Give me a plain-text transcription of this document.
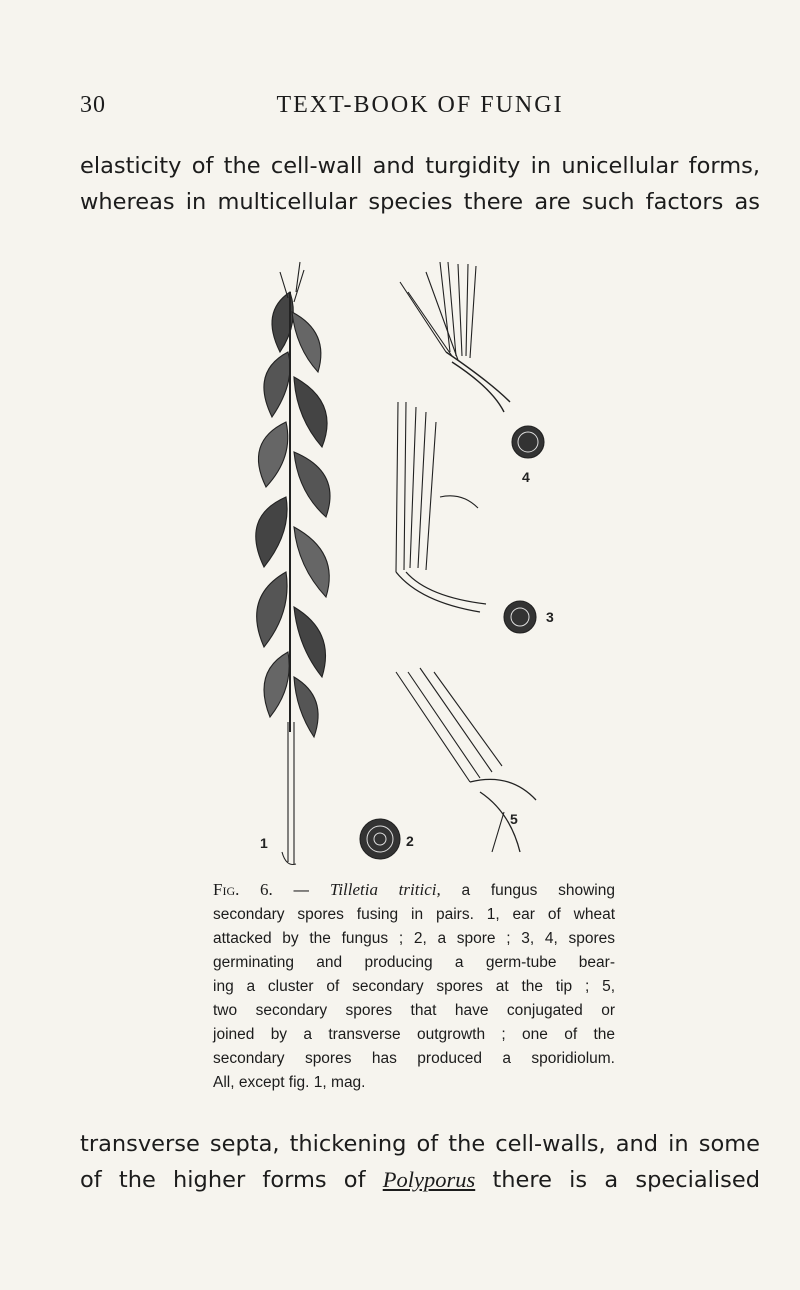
30	TEXT-BOOK OF FUNGI
elasticity of the cell-wall and turgidity in unicellular forms,
whereas in multicellular species there are such factors as
1
4
3
5
2
Fig. 6. — Tilletia tritici, a fungus showing
secondary spores fusing in pairs. 1, ear of wheat
attacked by the fungus ; 2, a spore ; 3, 4, spores
germinating and producing a germ-tube bear-
ing a cluster of secondary spores at the tip ; 5,
two secondary spores that have conjugated or
joined by a transverse outgrowth ; one of the
secondary spores has produced a sporidiolum.
All, except fig. 1, mag.
transverse septa, thickening of the cell-walls, and in some
of the higher forms of Polyporus there is a specialised
